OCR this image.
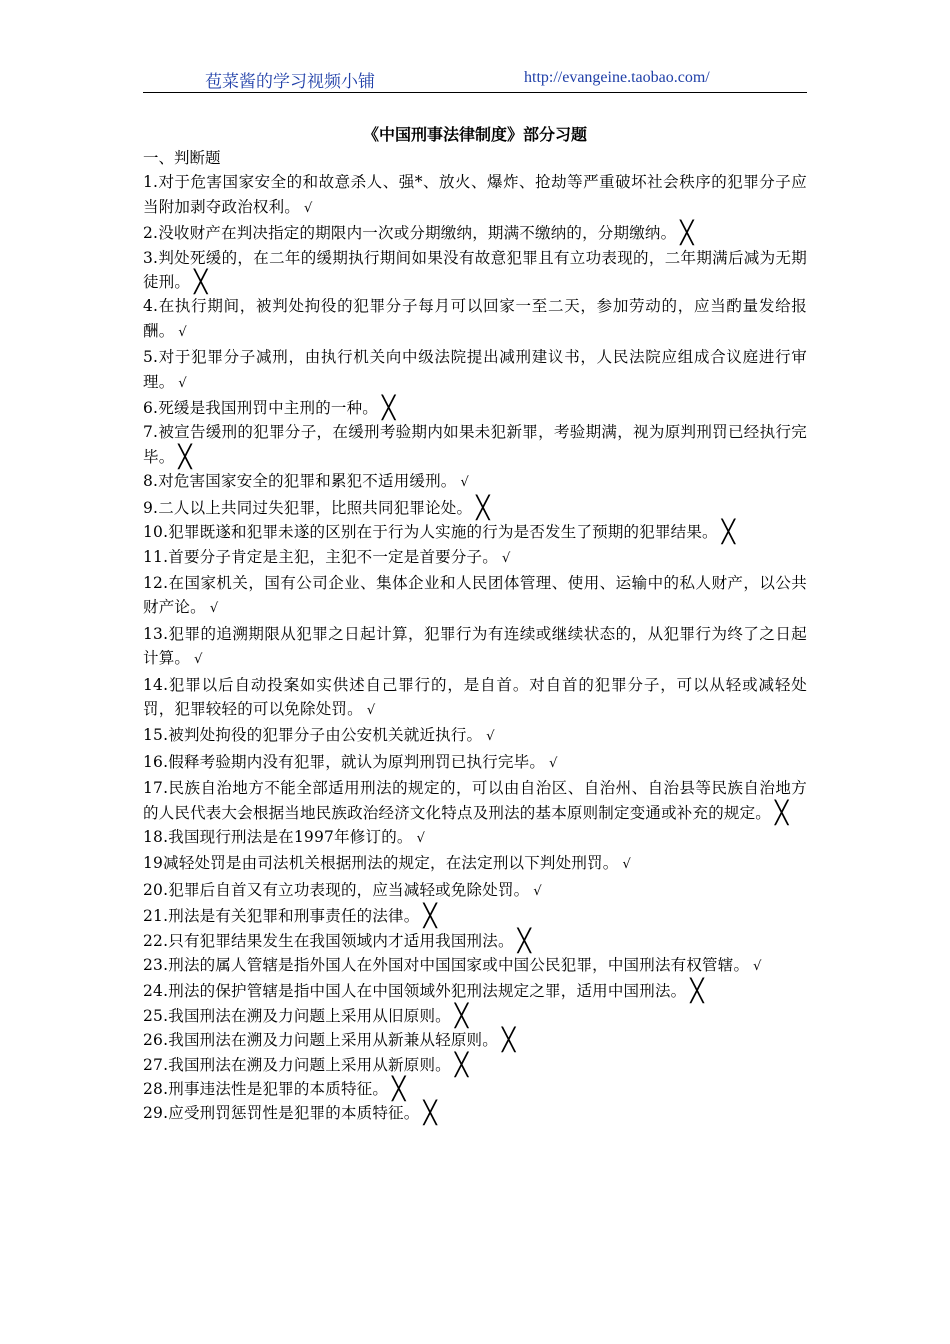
苞菜酱的学习视频小铺	http://evangeine.taobao.com/
《中国刑事法律制度》部分习题
一、判断题
1.对于危害国家安全的和故意杀人、强*、放火、爆炸、抢劫等严重破坏社会秩序的犯罪分子应当附加剥夺政治权利。 √
2.没收财产在判决指定的期限内一次或分期缴纳，期满不缴纳的，分期缴纳。 ╳
3.判处死缓的，在二年的缓期执行期间如果没有故意犯罪且有立功表现的，二年期满后减为无期徒刑。 ╳
4.在执行期间，被判处拘役的犯罪分子每月可以回家一至二天，参加劳动的，应当酌量发给报酬。 √
5.对于犯罪分子减刑，由执行机关向中级法院提出减刑建议书，人民法院应组成合议庭进行审理。 √
6.死缓是我国刑罚中主刑的一种。 ╳
7.被宣告缓刑的犯罪分子，在缓刑考验期内如果未犯新罪，考验期满，视为原判刑罚已经执行完毕。 ╳
8.对危害国家安全的犯罪和累犯不适用缓刑。 √
9.二人以上共同过失犯罪，比照共同犯罪论处。 ╳
10.犯罪既遂和犯罪未遂的区别在于行为人实施的行为是否发生了预期的犯罪结果。 ╳
11.首要分子肯定是主犯，主犯不一定是首要分子。 √
12.在国家机关，国有公司企业、集体企业和人民团体管理、使用、运输中的私人财产，以公共财产论。 √
13.犯罪的追溯期限从犯罪之日起计算，犯罪行为有连续或继续状态的，从犯罪行为终了之日起计算。 √
14.犯罪以后自动投案如实供述自己罪行的，是自首。对自首的犯罪分子，可以从轻或减轻处罚，犯罪较轻的可以免除处罚。 √
15.被判处拘役的犯罪分子由公安机关就近执行。 √
16.假释考验期内没有犯罪，就认为原判刑罚已执行完毕。 √
17.民族自治地方不能全部适用刑法的规定的，可以由自治区、自治州、自治县等民族自治地方的人民代表大会根据当地民族政治经济文化特点及刑法的基本原则制定变通或补充的规定。 ╳
18.我国现行刑法是在1997年修订的。 √
19减轻处罚是由司法机关根据刑法的规定，在法定刑以下判处刑罚。 √
20.犯罪后自首又有立功表现的，应当减轻或免除处罚。 √
21.刑法是有关犯罪和刑事责任的法律。 ╳
22.只有犯罪结果发生在我国领域内才适用我国刑法。 ╳
23.刑法的属人管辖是指外国人在外国对中国国家或中国公民犯罪，中国刑法有权管辖。 √
24.刑法的保护管辖是指中国人在中国领域外犯刑法规定之罪，适用中国刑法。 ╳
25.我国刑法在溯及力问题上采用从旧原则。 ╳
26.我国刑法在溯及力问题上采用从新兼从轻原则。 ╳
27.我国刑法在溯及力问题上采用从新原则。 ╳
28.刑事违法性是犯罪的本质特征。 ╳
29.应受刑罚惩罚性是犯罪的本质特征。 ╳
